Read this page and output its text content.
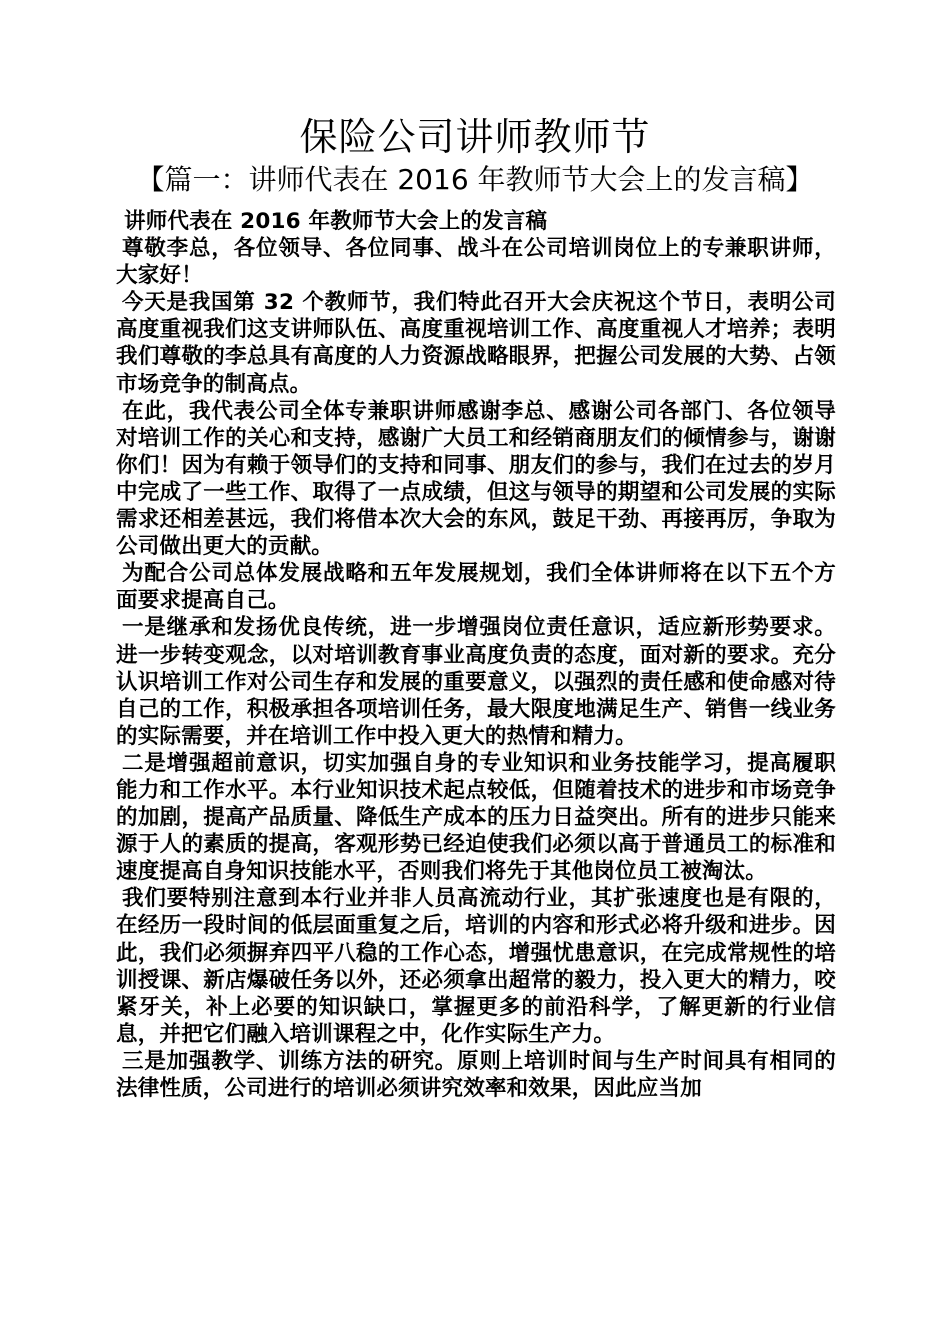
保险公司讲师教师节
【篇一：讲师代表在 2016 年教师节大会上的发言稿】

讲师代表在 2016 年教师节大会上的发言稿

尊敬李总，各位领导、各位同事、战斗在公司培训岗位上的专兼职讲师，大家好！

今天是我国第 32 个教师节，我们特此召开大会庆祝这个节日，表明公司高度重视我们这支讲师队伍、高度重视培训工作、高度重视人才培养；表明我们尊敬的李总具有高度的人力资源战略眼界，把握公司发展的大势、占领市场竞争的制高点。

在此，我代表公司全体专兼职讲师感谢李总、感谢公司各部门、各位领导对培训工作的关心和支持，感谢广大员工和经销商朋友们的倾情参与，谢谢你们！因为有赖于领导们的支持和同事、朋友们的参与，我们在过去的岁月中完成了一些工作、取得了一点成绩，但这与领导的期望和公司发展的实际需求还相差甚远，我们将借本次大会的东风，鼓足干劲、再接再厉，争取为公司做出更大的贡献。

为配合公司总体发展战略和五年发展规划，我们全体讲师将在以下五个方面要求提高自己。

一是继承和发扬优良传统，进一步增强岗位责任意识，适应新形势要求。进一步转变观念，以对培训教育事业高度负责的态度，面对新的要求。充分认识培训工作对公司生存和发展的重要意义，以强烈的责任感和使命感对待自己的工作，积极承担各项培训任务，最大限度地满足生产、销售一线业务的实际需要，并在培训工作中投入更大的热情和精力。

二是增强超前意识，切实加强自身的专业知识和业务技能学习，提高履职能力和工作水平。本行业知识技术起点较低，但随着技术的进步和市场竞争的加剧，提高产品质量、降低生产成本的压力日益突出。所有的进步只能来源于人的素质的提高，客观形势已经迫使我们必须以高于普通员工的标准和速度提高自身知识技能水平，否则我们将先于其他岗位员工被淘汰。

我们要特别注意到本行业并非人员高流动行业，其扩张速度也是有限的，在经历一段时间的低层面重复之后，培训的内容和形式必将升级和进步。因此，我们必须摒弃四平八稳的工作心态，增强忧患意识，在完成常规性的培训授课、新店爆破任务以外，还必须拿出超常的毅力，投入更大的精力，咬紧牙关，补上必要的知识缺口，掌握更多的前沿科学，了解更新的行业信息，并把它们融入培训课程之中，化作实际生产力。

三是加强教学、训练方法的研究。原则上培训时间与生产时间具有相同的法律性质，公司进行的培训必须讲究效率和效果，因此应当加
